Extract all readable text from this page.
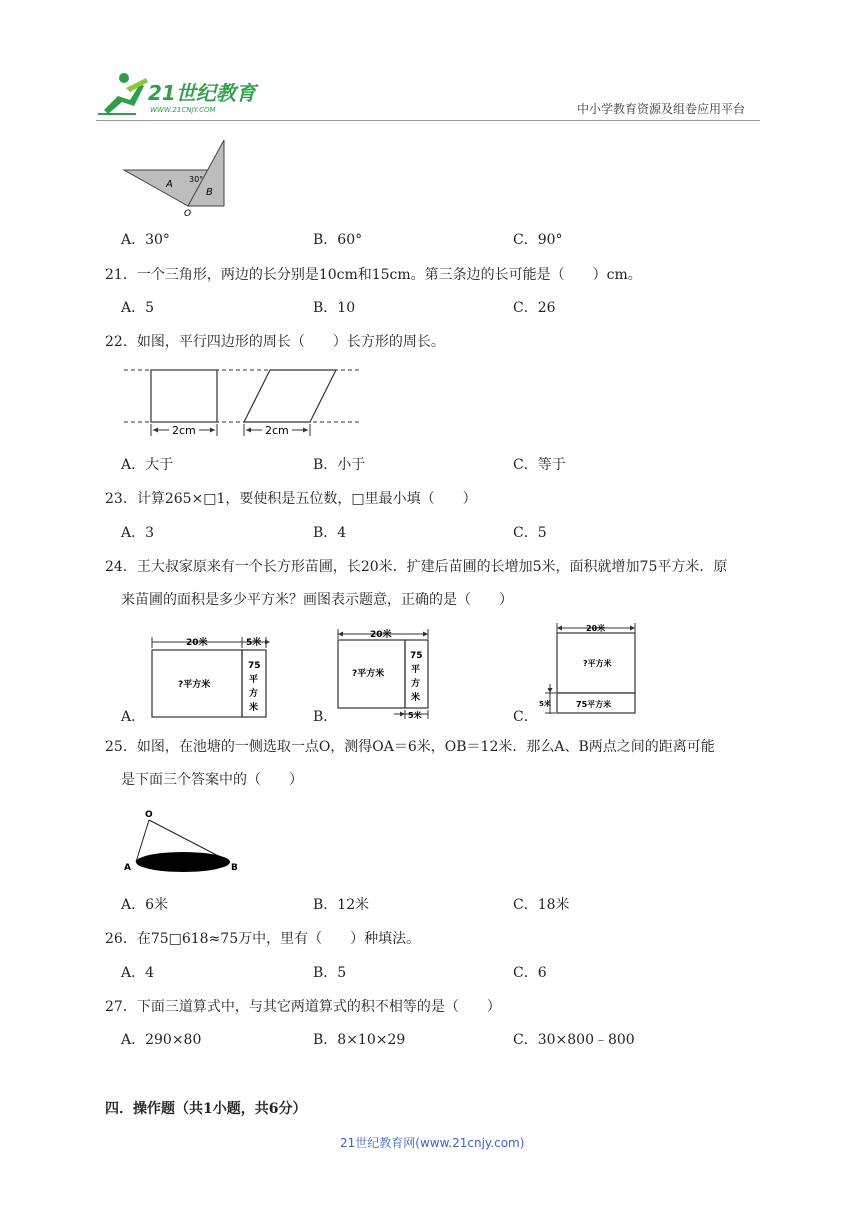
21世纪教育
WWW.21CNJY.COM	中小学教育资源及组卷应用平台
A
B
30°
O
A．30°	B．60°	C．90°
21．一个三角形，两边的长分别是10cm和15cm。第三条边的长可能是（　　）cm。
A．5	B．10	C．26
22．如图，平行四边形的周长（　　）长方形的周长。
2cm	2cm
A．大于	B．小于	C．等于
23．计算265×□1，要使积是五位数，□里最小填（　　）
A．3	B．4	C．5
24．王大叔家原来有一个长方形苗圃，长20米．扩建后苗圃的长增加5米，面积就增加75平方米．原
来苗圃的面积是多少平方米？画图表示题意，正确的是（　　）
A．
20米	5米
?平方米
75
平
方
米
B．
20米
?平方米
75
平
方
米
5米	C．
20米
?平方米
75平方米
5米
25．如图，在池塘的一侧选取一点O，测得OA＝6米，OB＝12米．那么A、B两点之间的距离可能
是下面三个答案中的（　　）
O
A	B
A．6米	B．12米	C．18米
26．在75□618≈75万中，里有（　　）种填法。
A．4	B．5	C．6
27．下面三道算式中，与其它两道算式的积不相等的是（　　）
A．290×80	B．8×10×29	C．30×800﹣800
四．操作题（共1小题，共6分）
21世纪教育网(www.21cnjy.com)
